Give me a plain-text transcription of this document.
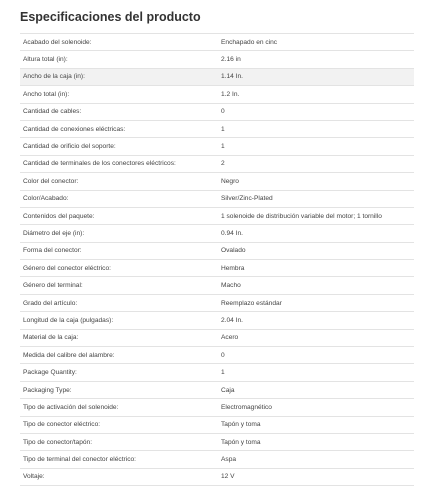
Especificaciones del producto
Acabado del solenoide:	Enchapado en cinc
Altura total (in):	2.16 in
Ancho de la caja (in):	1.14 In.
Ancho total (in):	1.2 In.
Cantidad de cables:	0
Cantidad de conexiones eléctricas:	1
Cantidad de orificio del soporte:	1
Cantidad de terminales de los conectores eléctricos:	2
Color del conector:	Negro
Color/Acabado:	Silver/Zinc-Plated
Contenidos del paquete:	1 solenoide de distribución variable del motor; 1 tornillo
Diámetro del eje (in):	0.94 In.
Forma del conector:	Ovalado
Género del conector eléctrico:	Hembra
Género del terminal:	Macho
Grado del artículo:	Reemplazo estándar
Longitud de la caja (pulgadas):	2.04 In.
Material de la caja:	Acero
Medida del calibre del alambre:	0
Package Quantity:	1
Packaging Type:	Caja
Tipo de activación del solenoide:	Electromagnético
Tipo de conector eléctrico:	Tapón y toma
Tipo de conector/tapón:	Tapón y toma
Tipo de terminal del conector eléctrico:	Aspa
Voltaje:	12 V
